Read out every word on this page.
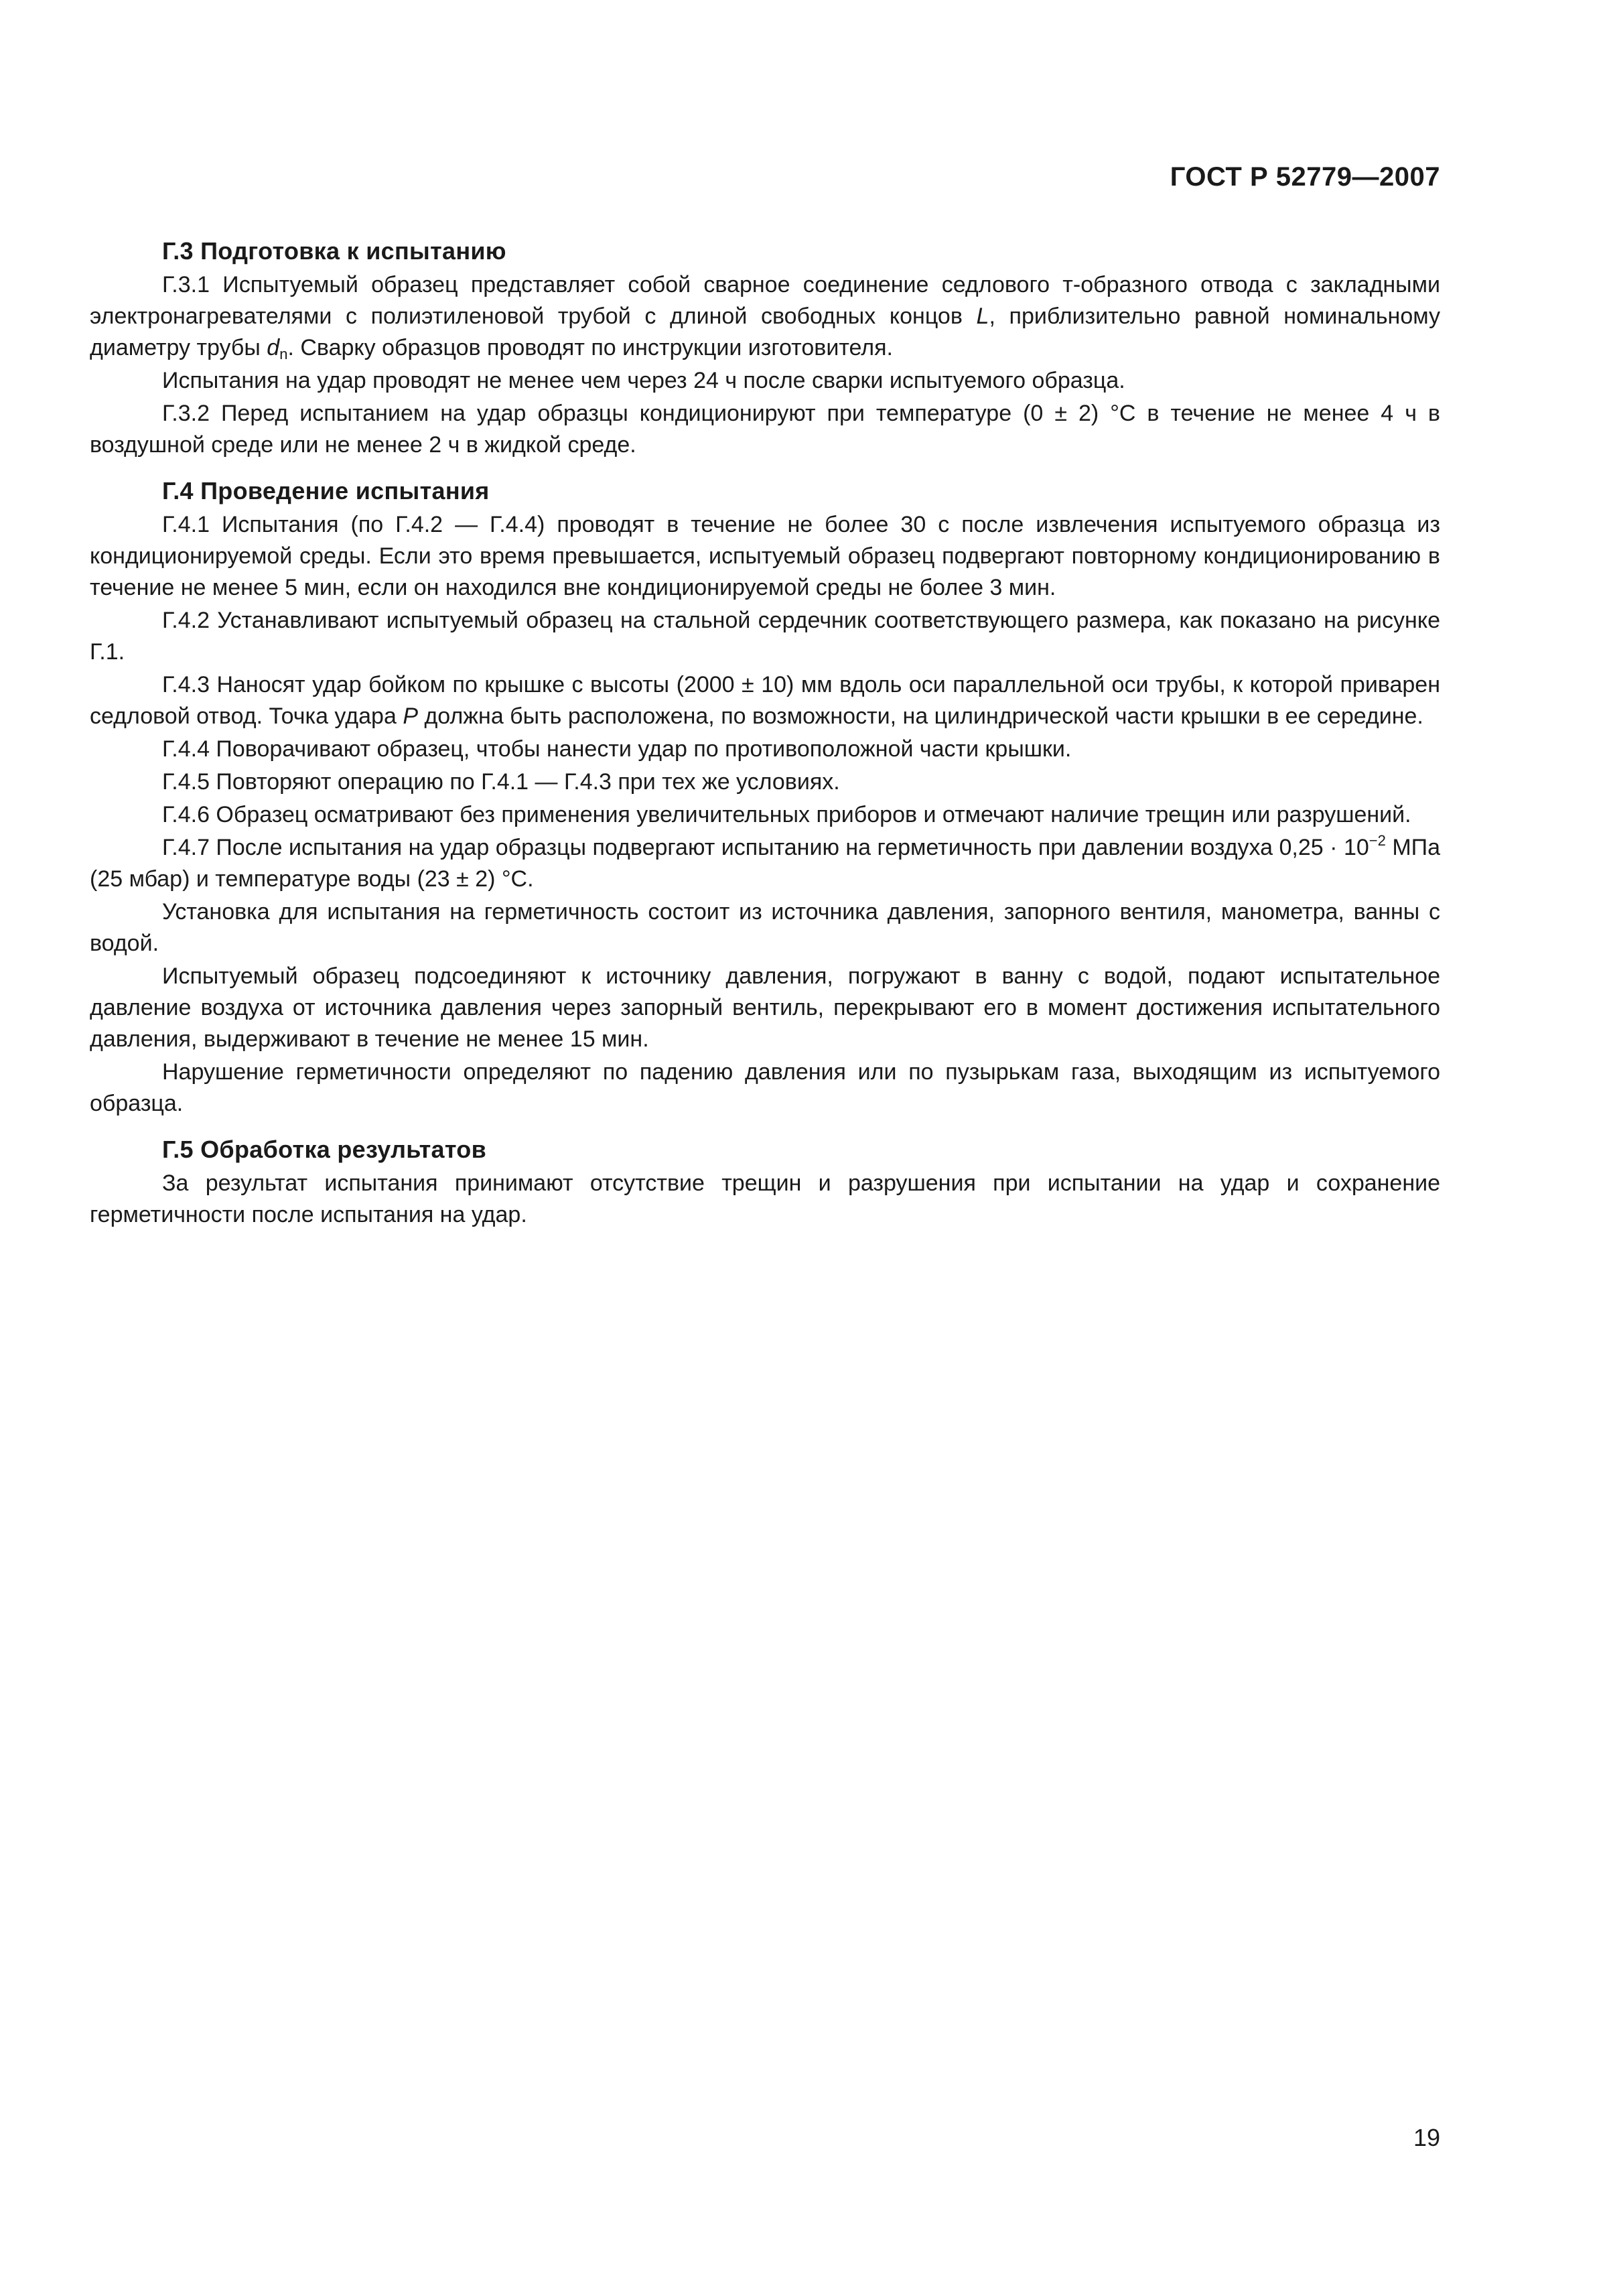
ГОСТ Р 52779—2007

Г.3 Подготовка к испытанию

Г.3.1 Испытуемый образец представляет собой сварное соединение седлового т-образного отвода с закладными электронагревателями с полиэтиленовой трубой с длиной свободных концов L, приблизительно равной номинальному диаметру трубы $d_n$. Сварку образцов проводят по инструкции изготовителя.

Испытания на удар проводят не менее чем через 24 ч после сварки испытуемого образца.

Г.3.2 Перед испытанием на удар образцы кондиционируют при температуре (0 ± 2) °С в течение не менее 4 ч в воздушной среде или не менее 2 ч в жидкой среде.

Г.4 Проведение испытания

Г.4.1 Испытания (по Г.4.2 — Г.4.4) проводят в течение не более 30 с после извлечения испытуемого образца из кондиционируемой среды. Если это время превышается, испытуемый образец подвергают повторному кондиционированию в течение не менее 5 мин, если он находился вне кондиционируемой среды не более 3 мин.

Г.4.2 Устанавливают испытуемый образец на стальной сердечник соответствующего размера, как показано на рисунке Г.1.

Г.4.3 Наносят удар бойком по крышке с высоты (2000 ± 10) мм вдоль оси параллельной оси трубы, к которой приварен седловой отвод. Точка удара Р должна быть расположена, по возможности, на цилиндрической части крышки в ее середине.

Г.4.4 Поворачивают образец, чтобы нанести удар по противоположной части крышки.

Г.4.5 Повторяют операцию по Г.4.1 — Г.4.3 при тех же условиях.

Г.4.6 Образец осматривают без применения увеличительных приборов и отмечают наличие трещин или разрушений.

Г.4.7 После испытания на удар образцы подвергают испытанию на герметичность при давлении воздуха $0,25 \cdot 10^{-2}$ МПа (25 мбар) и температуре воды (23 ± 2) °С.

Установка для испытания на герметичность состоит из источника давления, запорного вентиля, манометра, ванны с водой.

Испытуемый образец подсоединяют к источнику давления, погружают в ванну с водой, подают испытательное давление воздуха от источника давления через запорный вентиль, перекрывают его в момент достижения испытательного давления, выдерживают в течение не менее 15 мин.

Нарушение герметичности определяют по падению давления или по пузырькам газа, выходящим из испытуемого образца.

Г.5 Обработка результатов

За результат испытания принимают отсутствие трещин и разрушения при испытании на удар и сохранение герметичности после испытания на удар.

19
